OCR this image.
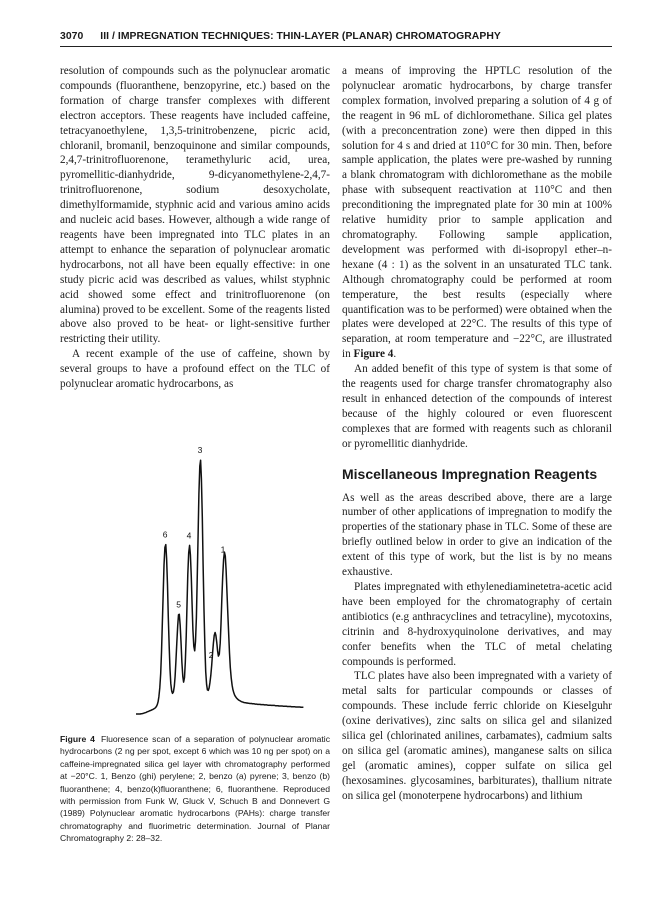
3070 III / IMPREGNATION TECHNIQUES: THIN-LAYER (PLANAR) CHROMATOGRAPHY

resolution of compounds such as the polynuclear aromatic compounds (fluoranthene, benzopyrine, etc.) based on the formation of charge transfer complexes with different electron acceptors. These reagents have included caffeine, tetracyanoethylene, 1,3,5-trinitrobenzene, picric acid, chloranil, bromanil, benzoquinone and similar compounds, 2,4,7-trinitrofluorenone, teramethyluric acid, urea, pyromellitic-dianhydride, 9-dicyanomethylene-2,4,7-trinitrofluorenone, sodium desoxycholate, dimethylformamide, styphnic acid and various amino acids and nucleic acid bases. However, although a wide range of reagents have been impregnated into TLC plates in an attempt to enhance the separation of polynuclear aromatic hydrocarbons, not all have been equally effective: in one study picric acid was described as values, whilst styphnic acid showed some effect and trinitrofluorenone (on alumina) proved to be excellent. Some of the reagents listed above also proved to be heat- or light-sensitive further restricting their utility.

A recent example of the use of caffeine, shown by several groups to have a profound effect on the TLC of polynuclear aromatic hydrocarbons, as

6
5
4
3
2
1
Figure 4 Fluoresence scan of a separation of polynuclear aromatic hydrocarbons (2 ng per spot, except 6 which was 10 ng per spot) on a caffeine-impregnated silica gel layer with chromatography performed at −20°C. 1, Benzo (ghi) perylene; 2, benzo (a) pyrene; 3, benzo (b) fluoranthene; 4, benzo(k)fluoranthene; 6, fluoranthene. Reproduced with permission from Funk W, Gluck V, Schuch B and Donnevert G (1989) Polynuclear aromatic hydrocarbons (PAHs): charge transfer chromatography and fluorimetric determination. Journal of Planar Chromatography 2: 28–32.

a means of improving the HPTLC resolution of the polynuclear aromatic hydrocarbons, by charge transfer complex formation, involved preparing a solution of 4 g of the reagent in 96 mL of dichloromethane. Silica gel plates (with a preconcentration zone) were then dipped in this solution for 4 s and dried at 110°C for 30 min. Then, before sample application, the plates were pre-washed by running a blank chromatogram with dichloromethane as the mobile phase with subsequent reactivation at 110°C and then preconditioning the impregnated plate for 30 min at 100% relative humidity prior to sample application and chromatography. Following sample application, development was performed with di-isopropyl ether–n-hexane (4 : 1) as the solvent in an unsaturated TLC tank. Although chromatography could be performed at room temperature, the best results (especially where quantification was to be performed) were obtained when the plates were developed at 22°C. The results of this type of separation, at room temperature and −22°C, are illustrated in Figure 4.

An added benefit of this type of system is that some of the reagents used for charge transfer chromatography also result in enhanced detection of the compounds of interest because of the highly coloured or even fluorescent complexes that are formed with reagents such as chloranil or pyromellitic dianhydride.

Miscellaneous Impregnation Reagents

As well as the areas described above, there are a large number of other applications of impregnation to modify the properties of the stationary phase in TLC. Some of these are briefly outlined below in order to give an indication of the extent of this type of work, but the list is by no means exhaustive.

Plates impregnated with ethylenediaminetetra-acetic acid have been employed for the chromatography of certain antibiotics (e.g anthracyclines and tetracyline), mycotoxins, citrinin and 8-hydroxyquinolone derivatives, and may confer benefits when the TLC of metal chelating compounds is performed.

TLC plates have also been impregnated with a variety of metal salts for particular compounds or classes of compounds. These include ferric chloride on Kieselguhr (oxine derivatives), zinc salts on silica gel and silanized silica gel (chlorinated anilines, carbamates), cadmium salts on silica gel (aromatic amines), manganese salts on silica gel (aromatic amines), copper sulfate on silica gel (hexosamines. glycosamines, barbiturates), thallium nitrate on silica gel (monoterpene hydrocarbons) and lithium
